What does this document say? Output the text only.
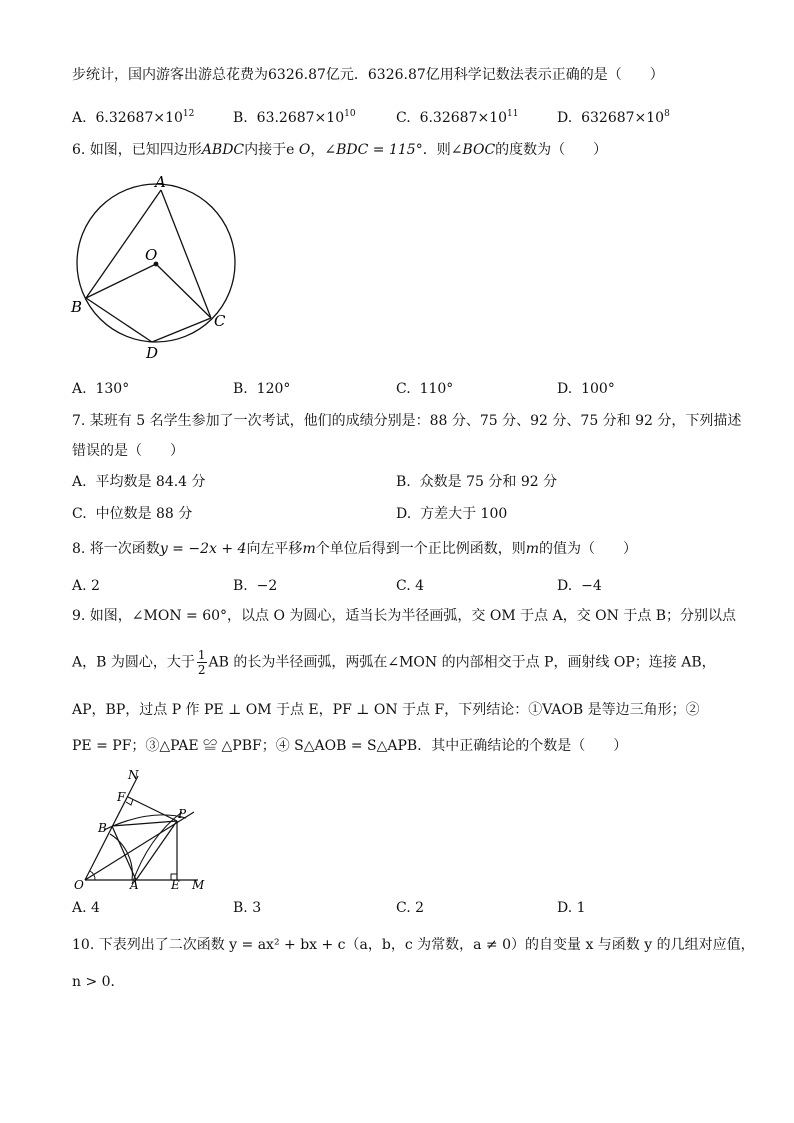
步统计，国内游客出游总花费为6326.87亿元．6326.87亿用科学记数法表示正确的是（　　）
A. $6.32687\times 10^{12}$	B. $63.2687\times 10^{10}$	C. $6.32687\times 10^{11}$	D. $632687\times 10^8$
6. 如图，已知四边形ABDC内接于e O，∠BDC = 115°．则∠BOC的度数为（　　）
A
O
B
C
D
A. 130°	B. 120°	C. 110°	D. 100°
7. 某班有 5 名学生参加了一次考试，他们的成绩分别是：88 分、75 分、92 分、75 分和 92 分，下列描述
错误的是（　　）
A. 平均数是 84.4 分	B. 众数是 75 分和 92 分
C. 中位数是 88 分	D. 方差大于 100
8. 将一次函数y = −2x + 4向左平移m个单位后得到一个正比例函数，则m的值为（　　）
A. 2	B. −2	C. 4	D. −4
9. 如图，∠MON = 60°，以点 O 为圆心，适当长为半径画弧，交 OM 于点 A，交 ON 于点 B；分别以点
A，B 为圆心，大于 $\frac{1}{2}$ AB 的长为半径画弧，两弧在∠MON 的内部相交于点 P，画射线 OP；连接 AB，
AP，BP，过点 P 作 PE ⊥ OM 于点 E，PF ⊥ ON 于点 F，下列结论：①VAOB 是等边三角形；②
PE = PF；③△PAE ≌ △PBF；④ S△AOB = S△APB．其中正确结论的个数是（　　）
N
F
P
B
O	A	E M
A. 4	B. 3	C. 2	D. 1
10. 下表列出了二次函数 y = ax² + bx + c（a，b，c 为常数，a ≠ 0）的自变量 x 与函数 y 的几组对应值，
n > 0．
